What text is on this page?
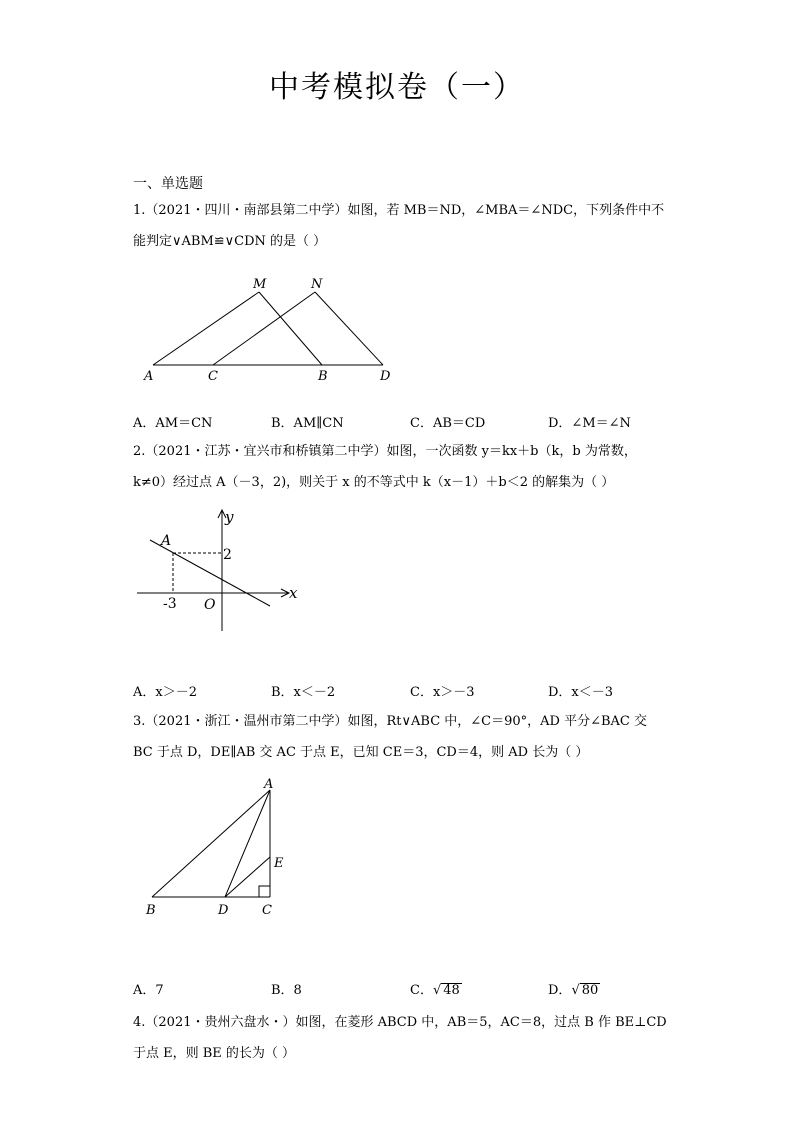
中考模拟卷（一）
一、单选题
1.（2021・四川・南部县第二中学）如图，若 MB＝ND，∠MBA＝∠NDC，下列条件中不
能判定∨ABM≌∨CDN 的是（ ）
A	C	B	D
M	N
A．AM＝CN	B．AM∥CN	C．AB＝CD	D．∠M＝∠N
2.（2021・江苏・宜兴市和桥镇第二中学）如图，一次函数 y＝kx＋b（k，b 为常数，
k≠0）经过点 A（－3，2)，则关于 x 的不等式中 k（x－1）＋b＜2 的解集为（ ）
y
x
A
2
-3 O
A．x＞－2	B．x＜－2	C．x＞－3	D．x＜－3
3.（2021・浙江・温州市第二中学）如图，Rt∨ABC 中，∠C＝90°，AD 平分∠BAC 交
BC 于点 D，DE∥AB 交 AC 于点 E，已知 CE＝3，CD＝4，则 AD 长为（ ）
A
E
B	D	C
A．7	B．8	C．√ 48	D．√ 80
4.（2021・贵州六盘水・）如图，在菱形 ABCD 中，AB＝5，AC＝8，过点 B 作 BE⊥CD
于点 E，则 BE 的长为（ ）
